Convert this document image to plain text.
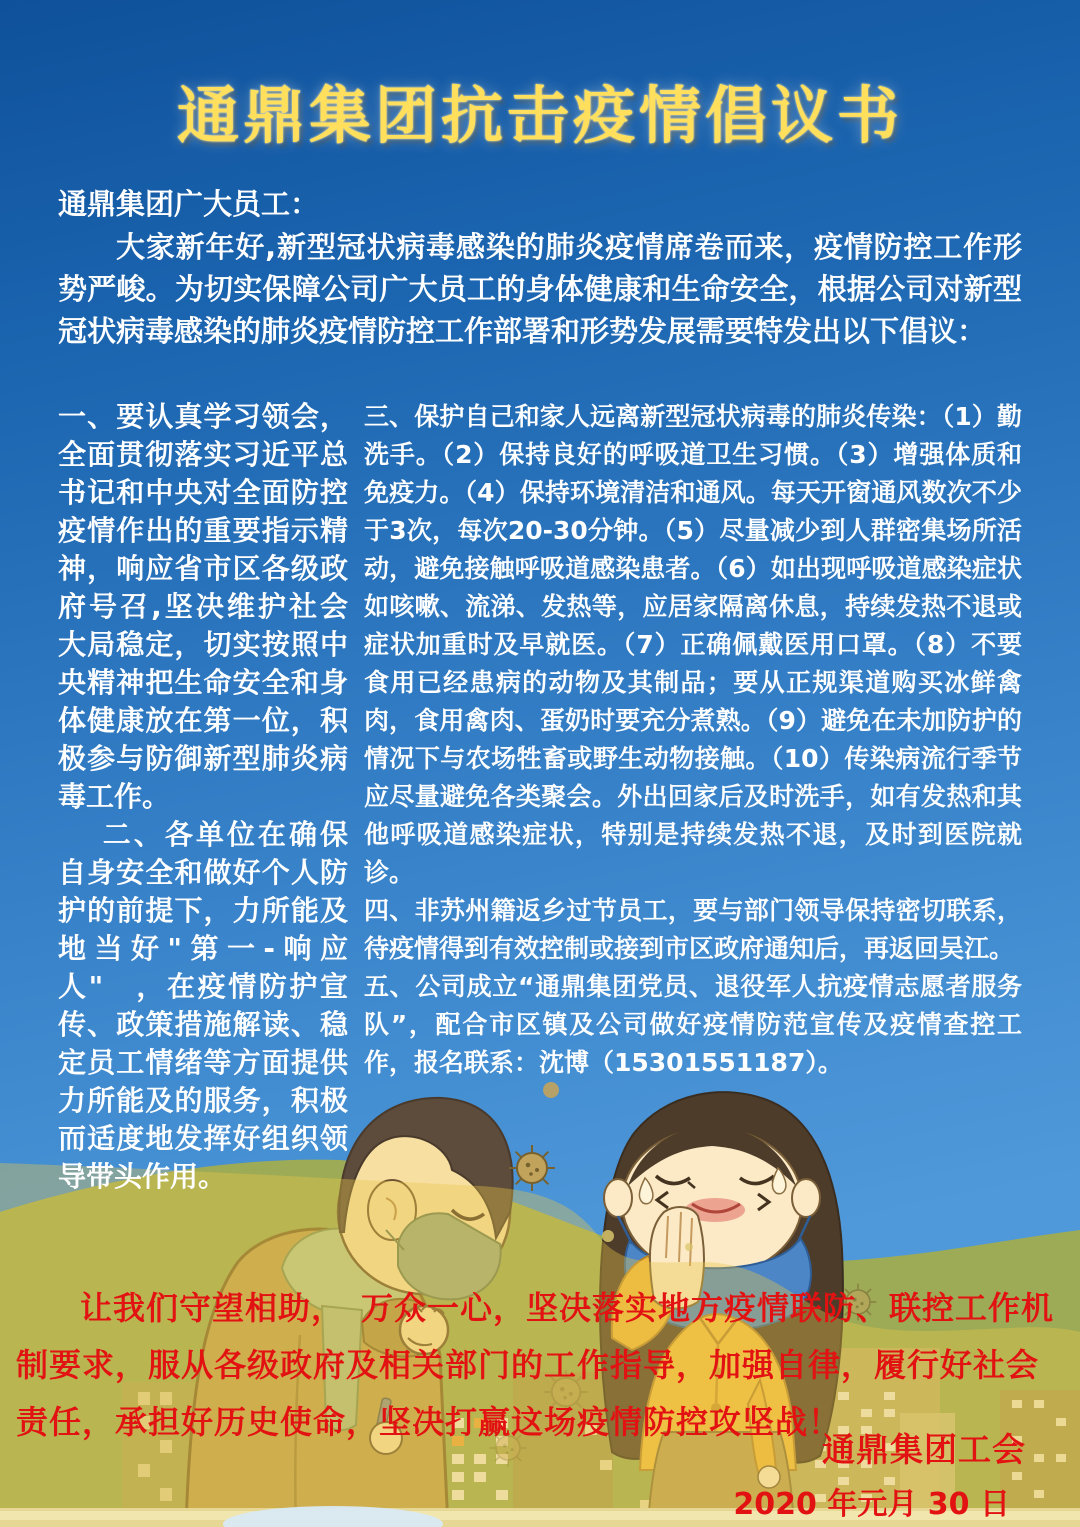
通鼎集团抗击疫情倡议书
通鼎集团广大员工：

大家新年好,新型冠状病毒感染的肺炎疫情席卷而来，疫情防控工作形势严峻。为切实保障公司广大员工的身体健康和生命安全，根据公司对新型冠状病毒感染的肺炎疫情防控工作部署和形势发展需要特发出以下倡议：

一、要认真学习领会，全面贯彻落实习近平总书记和中央对全面防控疫情作出的重要指示精神，响应省市区各级政府号召,坚决维护社会大局稳定，切实按照中央精神把生命安全和身体健康放在第一位，积极参与防御新型肺炎病毒工作。

二、各单位在确保自身安全和做好个人防护的前提下，力所能及地当好"第一-响应人"　，在疫情防护宣传、政策措施解读、稳定员工情绪等方面提供力所能及的服务，积极而适度地发挥好组织领导带头作用。

三、保护自己和家人远离新型冠状病毒的肺炎传染：（1）勤洗手。（2）保持良好的呼吸道卫生习惯。（3）增强体质和免疫力。（4）保持环境清洁和通风。每天开窗通风数次不少于3次，每次20-30分钟。（5）尽量减少到人群密集场所活动，避免接触呼吸道感染患者。（6）如出现呼吸道感染症状如咳嗽、流涕、发热等，应居家隔离休息，持续发热不退或症状加重时及早就医。（7）正确佩戴医用口罩。（8）不要食用已经患病的动物及其制品；要从正规渠道购买冰鲜禽肉，食用禽肉、蛋奶时要充分煮熟。（9）避免在未加防护的情况下与农场牲畜或野生动物接触。（10）传染病流行季节应尽量避免各类聚会。外出回家后及时洗手，如有发热和其他呼吸道感染症状，特别是持续发热不退，及时到医院就诊。

四、非苏州籍返乡过节员工，要与部门领导保持密切联系，待疫情得到有效控制或接到市区政府通知后，再返回吴江。

五、公司成立“通鼎集团党员、退役军人抗疫情志愿者服务队”，配合市区镇及公司做好疫情防范宣传及疫情查控工作，报名联系：沈博（15301551187）。

让我们守望相助，　万众一心，坚决落实地方疫情联防、联控工作机制要求，服从各级政府及相关部门的工作指导，加强自律，履行好社会责任，承担好历史使命，坚决打赢这场疫情防控攻坚战！

通鼎集团工会
2020 年元月 30 日
